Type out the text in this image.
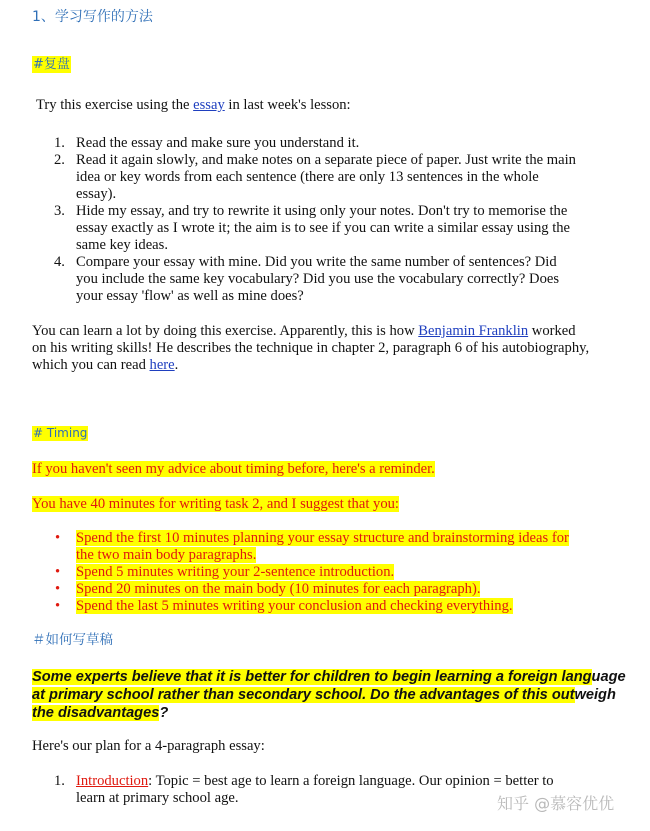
1、学习写作的方法
#复盘
Try this exercise using the essay in last week's lesson:
1. Read the essay and make sure you understand it.
2. Read it again slowly, and make notes on a separate piece of paper. Just write the main idea or key words from each sentence (there are only 13 sentences in the whole essay).
3. Hide my essay, and try to rewrite it using only your notes. Don't try to memorise the essay exactly as I wrote it; the aim is to see if you can write a similar essay using the same key ideas.
4. Compare your essay with mine. Did you write the same number of sentences? Did you include the same key vocabulary? Did you use the vocabulary correctly? Does your essay 'flow' as well as mine does?
You can learn a lot by doing this exercise. Apparently, this is how Benjamin Franklin worked on his writing skills! He describes the technique in chapter 2, paragraph 6 of his autobiography, which you can read here.
# Timing
If you haven't seen my advice about timing before, here's a reminder.
You have 40 minutes for writing task 2, and I suggest that you:
• Spend the first 10 minutes planning your essay structure and brainstorming ideas for the two main body paragraphs.
• Spend 5 minutes writing your 2-sentence introduction.
• Spend 20 minutes on the main body (10 minutes for each paragraph).
• Spend the last 5 minutes writing your conclusion and checking everything.
＃如何写草稿
Some experts believe that it is better for children to begin learning a foreign language
at primary school rather than secondary school. Do the advantages of this outweigh
the disadvantages?
Here's our plan for a 4-paragraph essay:
1. Introduction: Topic = best age to learn a foreign language. Our opinion = better to learn at primary school age.	知乎 @慕容优优
